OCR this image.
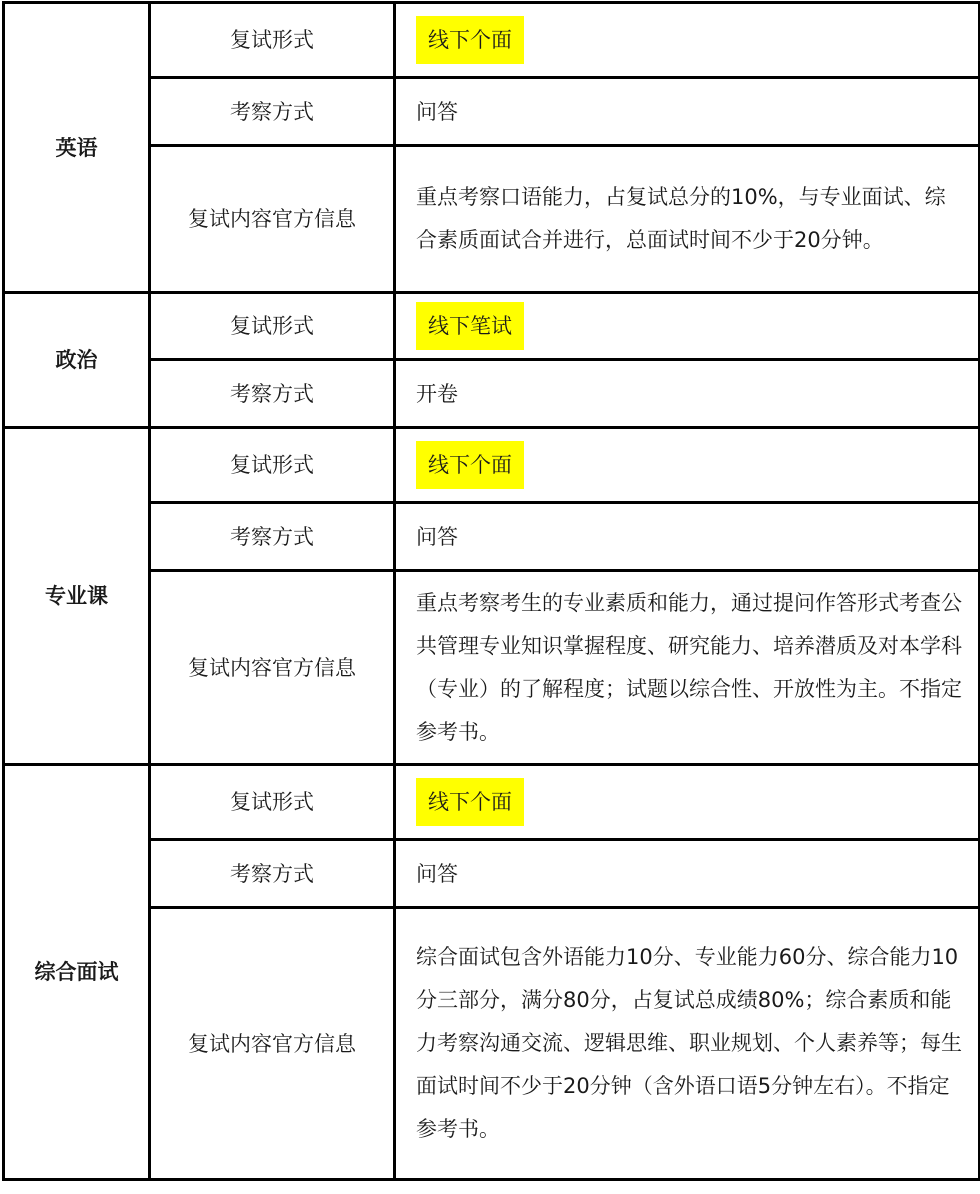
英语	复试形式	线下个面
	考察方式	问答
	复试内容官方信息	重点考察口语能力，占复试总分的10%，与专业面试、综合素质面试合并进行，总面试时间不少于20分钟。
政治	复试形式	线下笔试
	考察方式	开卷
专业课	复试形式	线下个面
	考察方式	问答
	复试内容官方信息	重点考察考生的专业素质和能力，通过提问作答形式考查公共管理专业知识掌握程度、研究能力、培养潜质及对本学科（专业）的了解程度；试题以综合性、开放性为主。不指定参考书。
综合面试	复试形式	线下个面
	考察方式	问答
	复试内容官方信息	综合面试包含外语能力10分、专业能力60分、综合能力10分三部分，满分80分，占复试总成绩80%；综合素质和能力考察沟通交流、逻辑思维、职业规划、个人素养等；每生面试时间不少于20分钟（含外语口语5分钟左右）。不指定参考书。
